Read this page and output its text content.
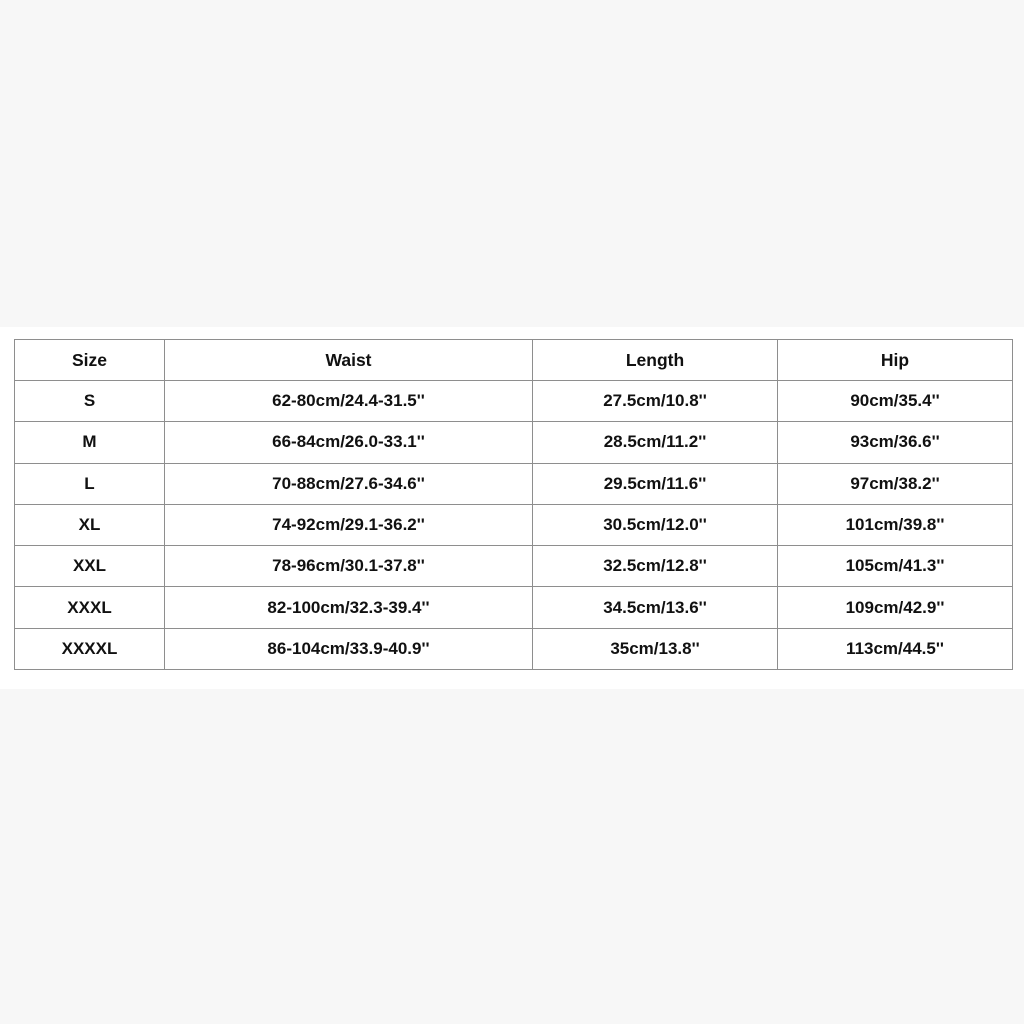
Size	Waist	Length	Hip
S	62-80cm/24.4-31.5''	27.5cm/10.8''	90cm/35.4''
M	66-84cm/26.0-33.1''	28.5cm/11.2''	93cm/36.6''
L	70-88cm/27.6-34.6''	29.5cm/11.6''	97cm/38.2''
XL	74-92cm/29.1-36.2''	30.5cm/12.0''	101cm/39.8''
XXL	78-96cm/30.1-37.8''	32.5cm/12.8''	105cm/41.3''
XXXL	82-100cm/32.3-39.4''	34.5cm/13.6''	109cm/42.9''
XXXXL	86-104cm/33.9-40.9''	35cm/13.8''	113cm/44.5''
